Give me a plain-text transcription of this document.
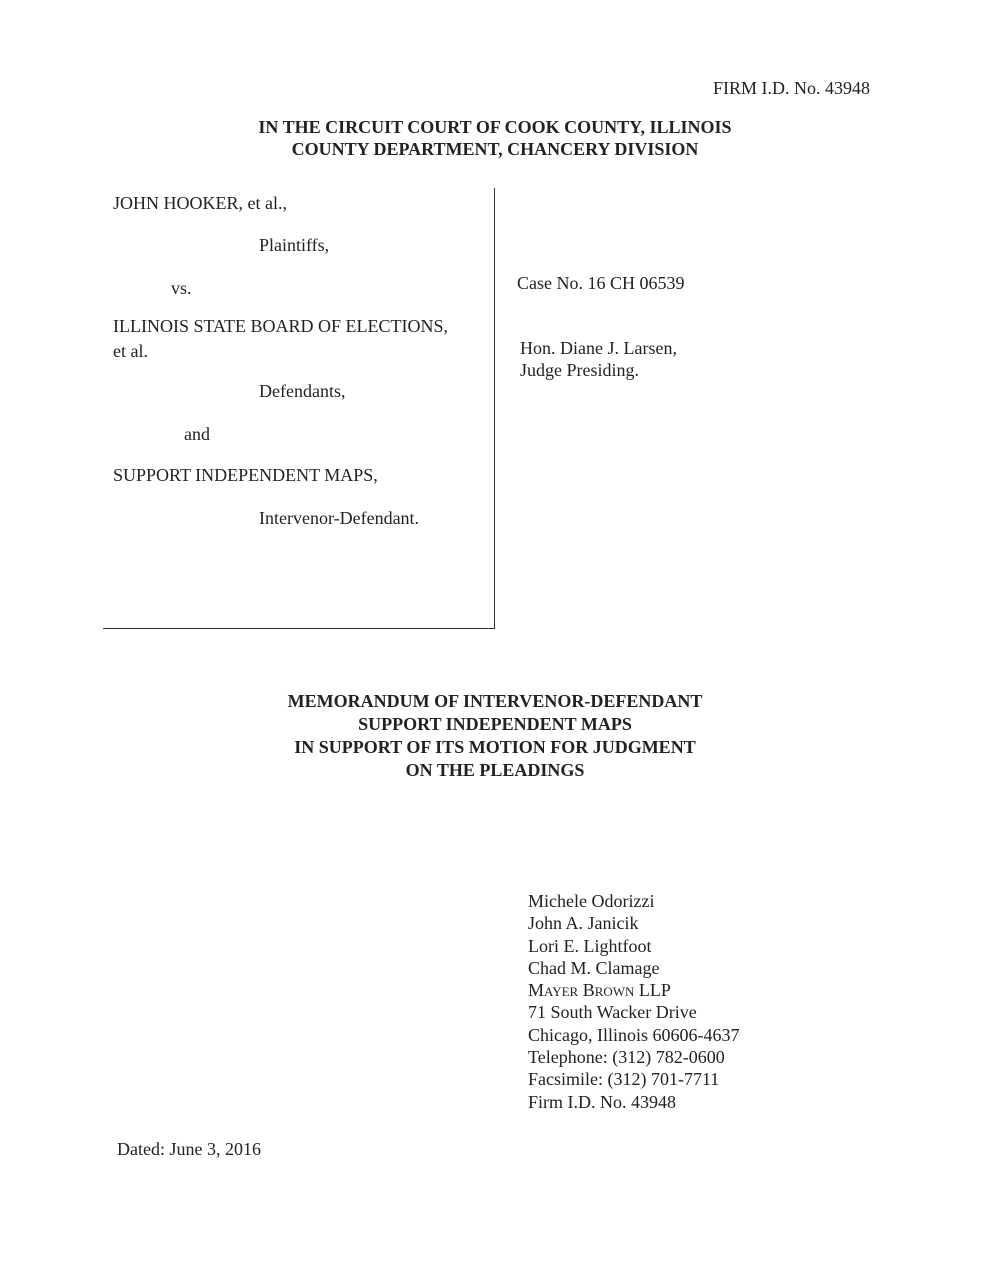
FIRM I.D. No. 43948
IN THE CIRCUIT COURT OF COOK COUNTY, ILLINOIS
COUNTY DEPARTMENT, CHANCERY DIVISION
JOHN HOOKER, et al.,
Plaintiffs,
vs.
ILLINOIS STATE BOARD OF ELECTIONS,
et al.
Defendants,
and
SUPPORT INDEPENDENT MAPS,
Intervenor-Defendant.
Case No. 16 CH 06539
Hon. Diane J. Larsen,
Judge Presiding.
MEMORANDUM OF INTERVENOR-DEFENDANT
SUPPORT INDEPENDENT MAPS
IN SUPPORT OF ITS MOTION FOR JUDGMENT
ON THE PLEADINGS
Michele Odorizzi
John A. Janicik
Lori E. Lightfoot
Chad M. Clamage
Mayer Brown LLP
71 South Wacker Drive
Chicago, Illinois 60606-4637
Telephone: (312) 782-0600
Facsimile: (312) 701-7711
Firm I.D. No. 43948
Dated: June 3, 2016
